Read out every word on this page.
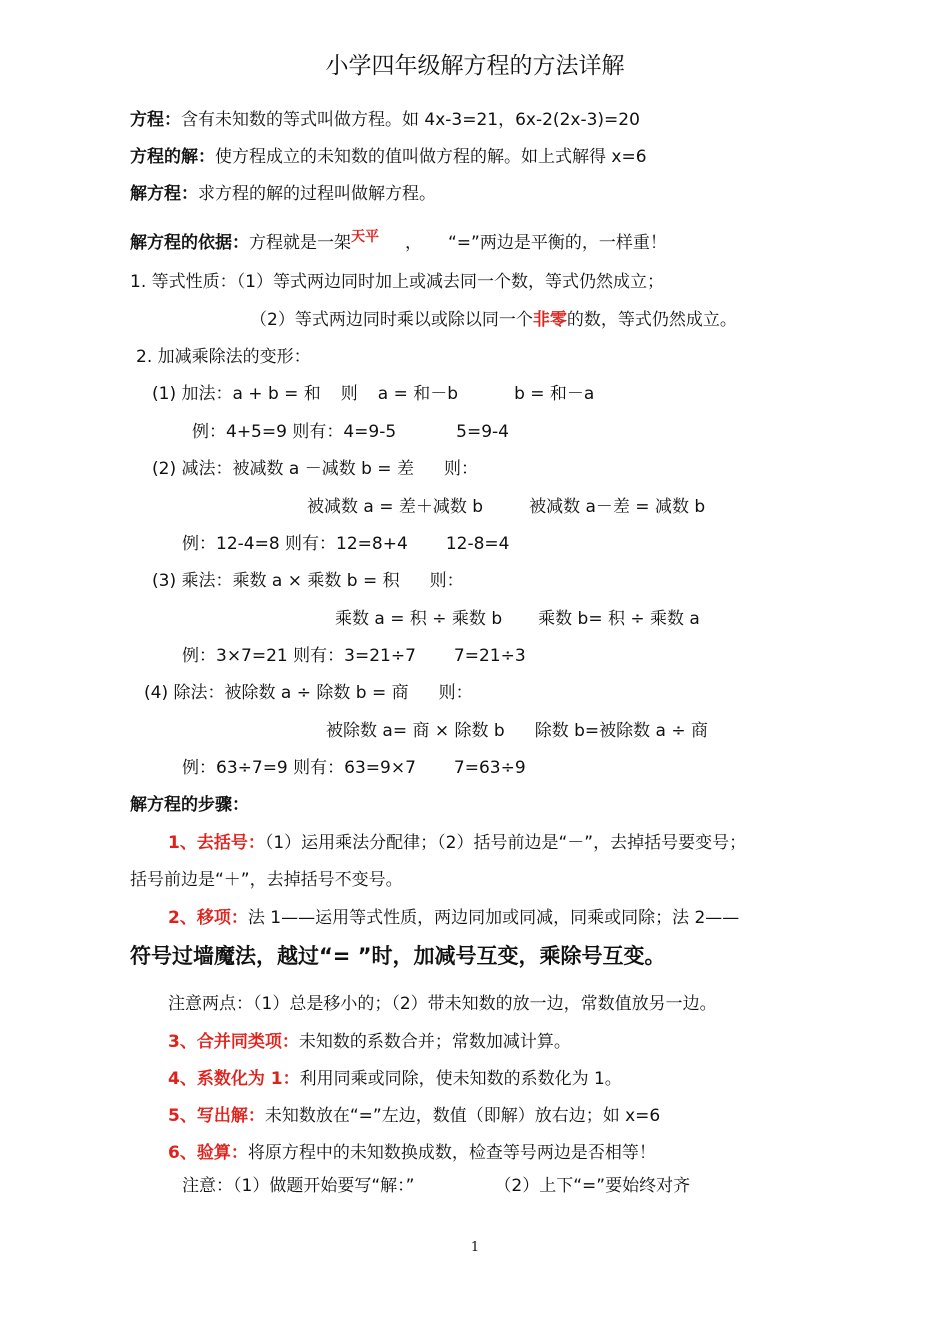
小学四年级解方程的方法详解
方程：含有未知数的等式叫做方程。如 4x-3=21，6x-2(2x-3)=20
方程的解：使方程成立的未知数的值叫做方程的解。如上式解得 x=6
解方程：求方程的解的过程叫做解方程。
解方程的依据：方程就是一架$^{天平}$ ， “=”两边是平衡的，一样重！
1. 等式性质：（1）等式两边同时加上或减去同一个数，等式仍然成立；
（2）等式两边同时乘以或除以同一个非零的数，等式仍然成立。
2. 加减乘除法的变形：
(1) 加法：a + b = 和 则 a = 和－b	b = 和－a
例：4+5=9 则有：4=9-5	5=9-4
(2) 减法：被减数 a －减数 b = 差 则：
被减数 a = 差＋减数 b	被减数 a－差 = 减数 b
例：12-4=8 则有：12=8+4 12-8=4
(3) 乘法：乘数 a × 乘数 b = 积 则：
乘数 a = 积 ÷ 乘数 b 乘数 b= 积 ÷ 乘数 a
例：3×7=21 则有：3=21÷7 7=21÷3
(4) 除法：被除数 a ÷ 除数 b = 商 则：
被除数 a= 商 × 除数 b 除数 b=被除数 a ÷ 商
例：63÷7=9 则有：63=9×7 7=63÷9
解方程的步骤：
1、去括号：（1）运用乘法分配律；（2）括号前边是“－”，去掉括号要变号；
括号前边是“＋”，去掉括号不变号。
2、移项：法 1——运用等式性质，两边同加或同减，同乘或同除；法 2——
符号过墙魔法，越过“= ”时，加减号互变，乘除号互变。
注意两点：（1）总是移小的；（2）带未知数的放一边，常数值放另一边。
3、合并同类项：未知数的系数合并；常数加减计算。
4、系数化为 1：利用同乘或同除，使未知数的系数化为 1。
5、写出解：未知数放在“=”左边，数值（即解）放右边；如 x=6
6、验算：将原方程中的未知数换成数，检查等号两边是否相等！
注意：（1）做题开始要写“解：”	（2）上下“=”要始终对齐
1
